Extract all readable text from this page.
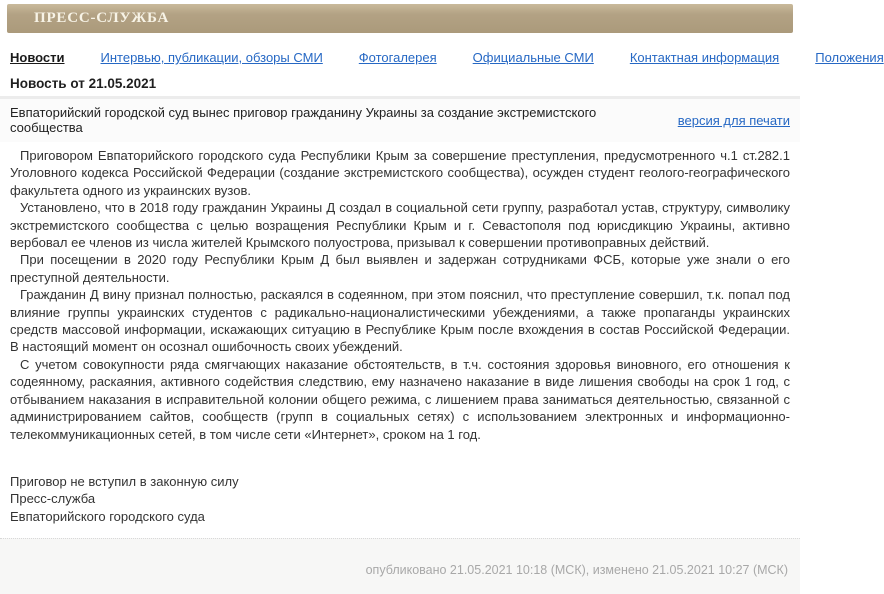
ПРЕСС-СЛУЖБА
Новости	Интервью, публикации, обзоры СМИ	Фотогалерея	Официальные СМИ	Контактная информация	Положения
Новость от 21.05.2021
Евпаторийский городской суд вынес приговор гражданину Украины за создание экстремистского сообщества	версия для печати

Приговором Евпаторийского городского суда Республики Крым за совершение преступления, предусмотренного ч.1 ст.282.1 Уголовного кодекса Российской Федерации (создание экстремистского сообщества), осужден студент геолого-географического факультета одного из украинских вузов.

Установлено, что в 2018 году гражданин Украины Д создал в социальной сети группу, разработал устав, структуру, символику экстремистского сообщества с целью возращения Республики Крым и г. Севастополя под юрисдикцию Украины, активно вербовал ее членов из числа жителей Крымского полуострова, призывал к совершении противоправных действий.

При посещении в 2020 году Республики Крым Д был выявлен и задержан сотрудниками ФСБ, которые уже знали о его преступной деятельности.

Гражданин Д вину признал полностью, раскаялся в содеянном, при этом пояснил, что преступление совершил, т.к. попал под влияние группы украинских студентов с радикально-националистическими убеждениями, а также пропаганды украинских средств массовой информации, искажающих ситуацию в Республике Крым после вхождения в состав Российской Федерации. В настоящий момент он осознал ошибочность своих убеждений.

С учетом совокупности ряда смягчающих наказание обстоятельств, в т.ч. состояния здоровья виновного, его отношения к содеянному, раскаяния, активного содействия следствию, ему назначено наказание в виде лишения свободы на срок 1 год, с отбыванием наказания в исправительной колонии общего режима, с лишением права заниматься деятельностью, связанной с администрированием сайтов, сообществ (групп в социальных сетях) с использованием электронных и информационно-телекоммуникационных сетей, в том числе сети «Интернет», сроком на 1 год.

Приговор не вступил в законную силу
Пресс-служба
Евпаторийского городского суда
опубликовано 21.05.2021 10:18 (МСК), изменено 21.05.2021 10:27 (МСК)
